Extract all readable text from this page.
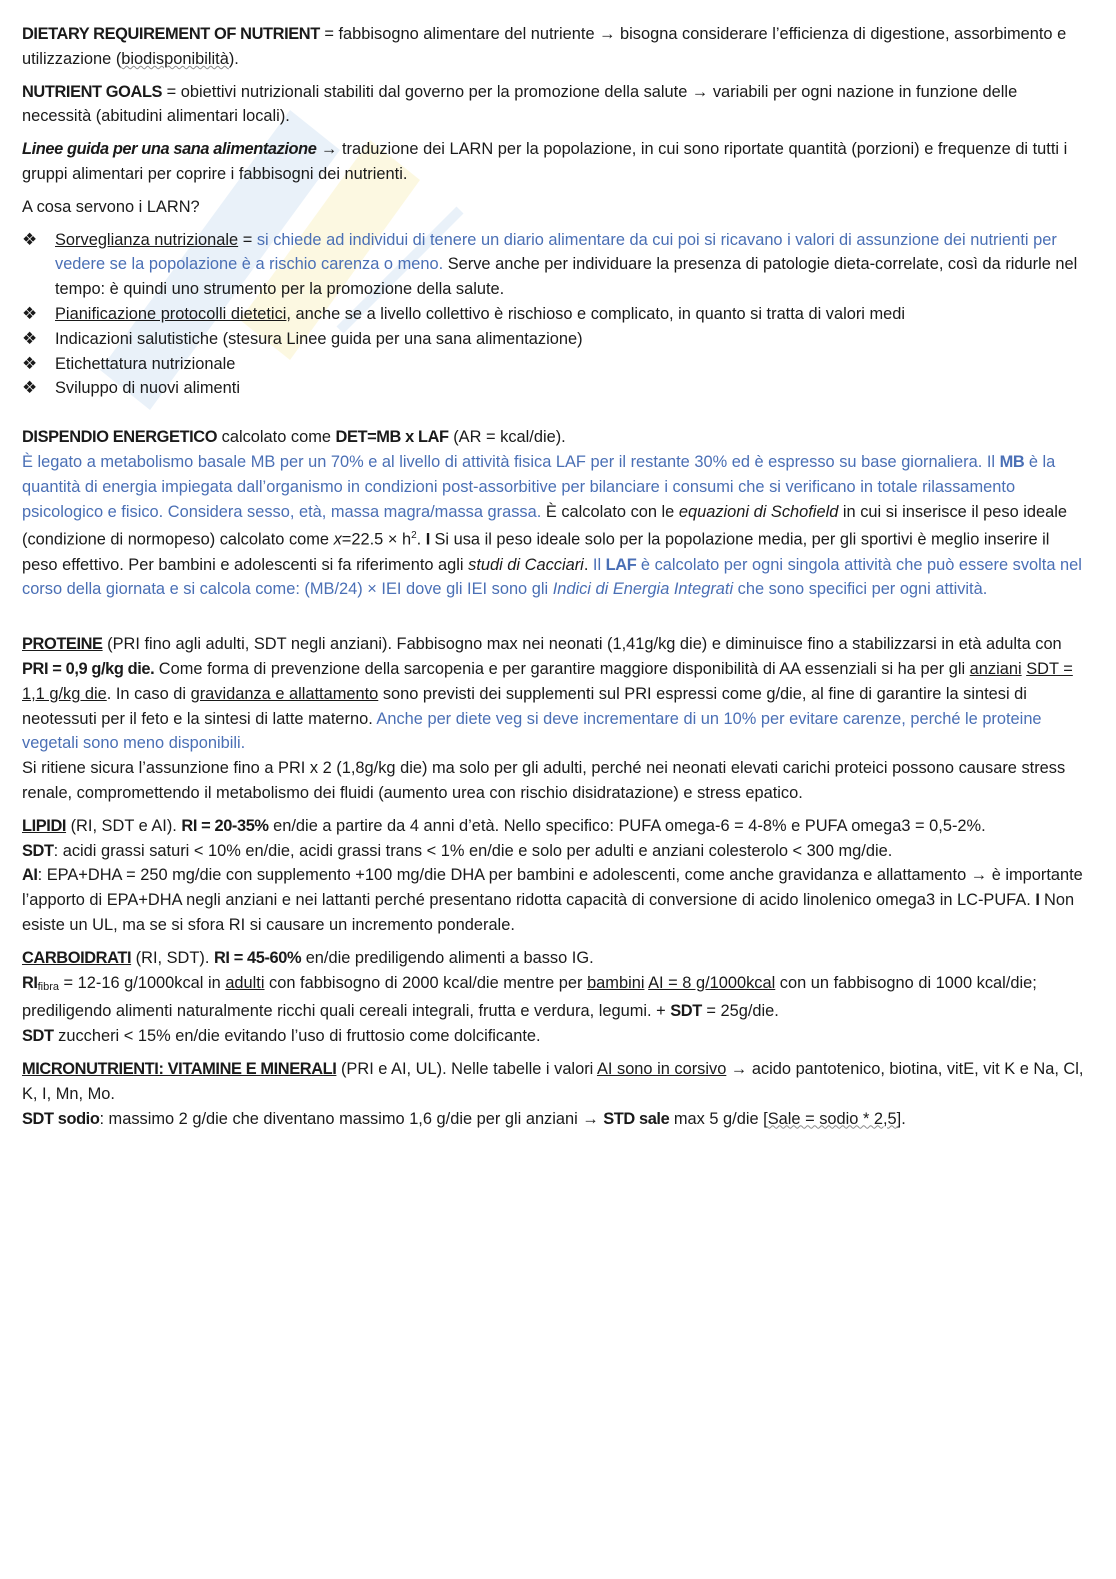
DIETARY REQUIREMENT OF NUTRIENT = fabbisogno alimentare del nutriente → bisogna considerare l’efficienza di digestione, assorbimento e utilizzazione (biodisponibilità).

NUTRIENT GOALS = obiettivi nutrizionali stabiliti dal governo per la promozione della salute → variabili per ogni nazione in funzione delle necessità (abitudini alimentari locali).

Linee guida per una sana alimentazione → traduzione dei LARN per la popolazione, in cui sono riportate quantità (porzioni) e frequenze di tutti i gruppi alimentari per coprire i fabbisogni dei nutrienti.

A cosa servono i LARN?

❖ Sorveglianza nutrizionale = si chiede ad individui di tenere un diario alimentare da cui poi si ricavano i valori di assunzione dei nutrienti per vedere se la popolazione è a rischio carenza o meno. Serve anche per individuare la presenza di patologie dieta-correlate, così da ridurle nel tempo: è quindi uno strumento per la promozione della salute.
❖ Pianificazione protocolli dietetici, anche se a livello collettivo è rischioso e complicato, in quanto si tratta di valori medi
❖ Indicazioni salutistiche (stesura Linee guida per una sana alimentazione)
❖ Etichettatura nutrizionale
❖ Sviluppo di nuovi alimenti

DISPENDIO ENERGETICO calcolato come DET=MB x LAF (AR = kcal/die).
È legato a metabolismo basale MB per un 70% e al livello di attività fisica LAF per il restante 30% ed è espresso su base giornaliera. Il MB è la quantità di energia impiegata dall’organismo in condizioni post-assorbitive per bilanciare i consumi che si verificano in totale rilassamento psicologico e fisico. Considera sesso, età, massa magra/massa grassa. È calcolato con le equazioni di Schofield in cui si inserisce il peso ideale (condizione di normopeso) calcolato come $x=22.5 \times h^2$. I Si usa il peso ideale solo per la popolazione media, per gli sportivi è meglio inserire il peso effettivo. Per bambini e adolescenti si fa riferimento agli studi di Cacciari. Il LAF è calcolato per ogni singola attività che può essere svolta nel corso della giornata e si calcola come: (MB/24) × IEI dove gli IEI sono gli Indici di Energia Integrati che sono specifici per ogni attività.

PROTEINE (PRI fino agli adulti, SDT negli anziani). Fabbisogno max nei neonati (1,41g/kg die) e diminuisce fino a stabilizzarsi in età adulta con PRI = 0,9 g/kg die. Come forma di prevenzione della sarcopenia e per garantire maggiore disponibilità di AA essenziali si ha per gli anziani SDT = 1,1 g/kg die. In caso di gravidanza e allattamento sono previsti dei supplementi sul PRI espressi come g/die, al fine di garantire la sintesi di neotessuti per il feto e la sintesi di latte materno. Anche per diete veg si deve incrementare di un 10% per evitare carenze, perché le proteine vegetali sono meno disponibili.
Si ritiene sicura l’assunzione fino a PRI x 2 (1,8g/kg die) ma solo per gli adulti, perché nei neonati elevati carichi proteici possono causare stress renale, compromettendo il metabolismo dei fluidi (aumento urea con rischio disidratazione) e stress epatico.

LIPIDI (RI, SDT e AI). RI = 20-35% en/die a partire da 4 anni d’età. Nello specifico: PUFA omega-6 = 4-8% e PUFA omega3 = 0,5-2%.
SDT: acidi grassi saturi < 10% en/die, acidi grassi trans < 1% en/die e solo per adulti e anziani colesterolo < 300 mg/die.
AI: EPA+DHA = 250 mg/die con supplemento +100 mg/die DHA per bambini e adolescenti, come anche gravidanza e allattamento → è importante l’apporto di EPA+DHA negli anziani e nei lattanti perché presentano ridotta capacità di conversione di acido linolenico omega3 in LC-PUFA. I Non esiste un UL, ma se si sfora RI si causare un incremento ponderale.

CARBOIDRATI (RI, SDT). RI = 45-60% en/die prediligendo alimenti a basso IG.
$RI_{fibra} = 12-16$ g/1000kcal in adulti con fabbisogno di 2000 kcal/die mentre per bambini AI = 8 g/1000kcal con un fabbisogno di 1000 kcal/die; prediligendo alimenti naturalmente ricchi quali cereali integrali, frutta e verdura, legumi. + SDT = 25g/die.
SDT zuccheri < 15% en/die evitando l’uso di fruttosio come dolcificante.

MICRONUTRIENTI: VITAMINE E MINERALI (PRI e AI, UL). Nelle tabelle i valori AI sono in corsivo → acido pantotenico, biotina, vitE, vit K e Na, Cl, K, I, Mn, Mo.
SDT sodio: massimo 2 g/die che diventano massimo 1,6 g/die per gli anziani → STD sale max 5 g/die [Sale = sodio * 2,5].
